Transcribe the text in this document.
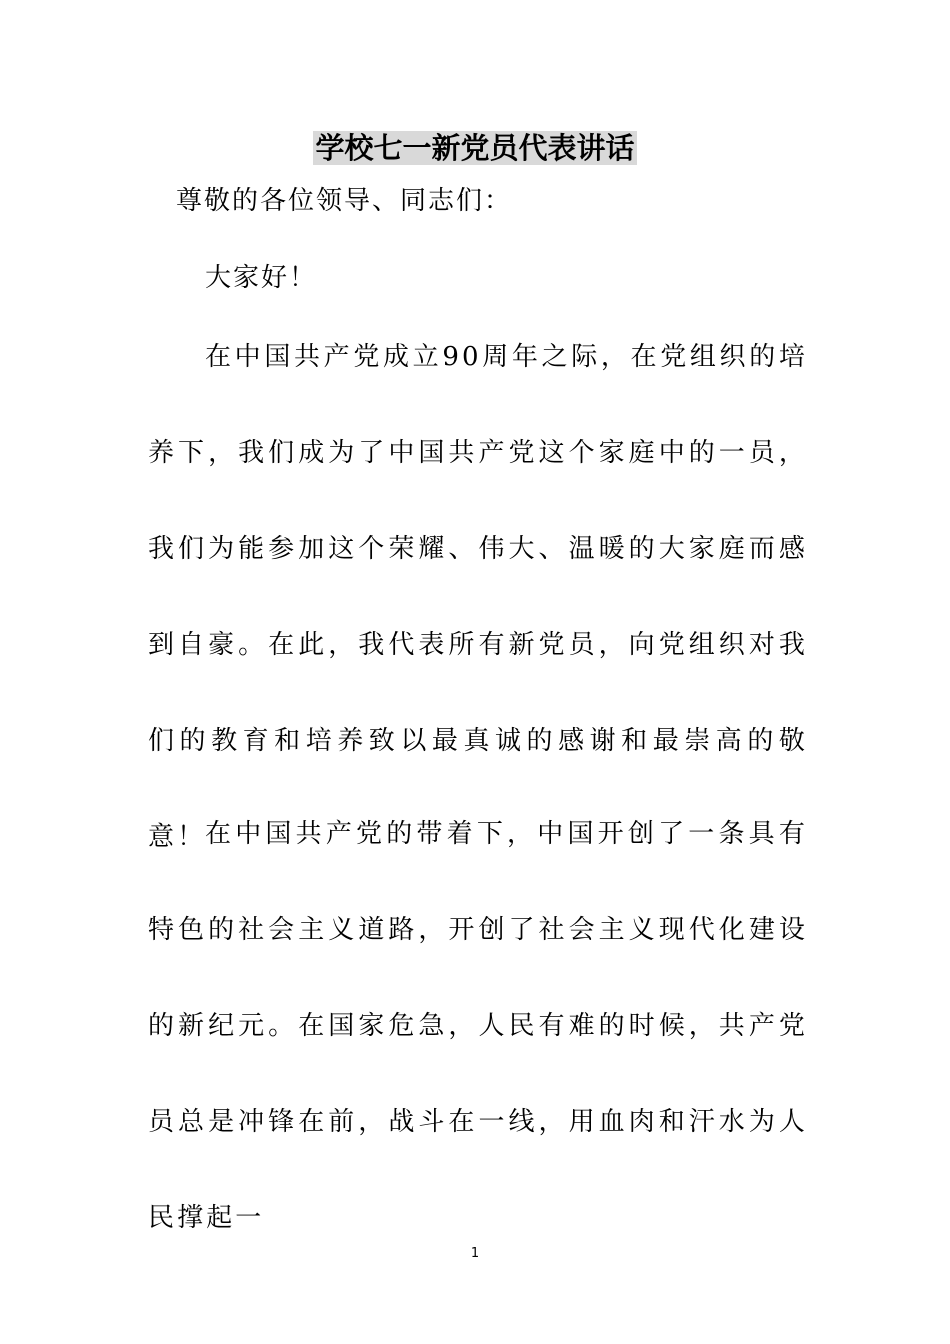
学校七一新党员代表讲话
尊敬的各位领导、同志们：
大家好！

在中国共产党成立90周年之际，在党组织的培养下，我们成为了中国共产党这个家庭中的一员，我们为能参加这个荣耀、伟大、温暖的大家庭而感到自豪。在此，我代表所有新党员，向党组织对我们的教育和培养致以最真诚的感谢和最崇高的敬意！

在中国共产党的带着下，中国开创了一条具有特色的社会主义道路，开创了社会主义现代化建设的新纪元。在国家危急，人民有难的时候，共产党员总是冲锋在前，战斗在一线，用血肉和汗水为人民撑起一

1
